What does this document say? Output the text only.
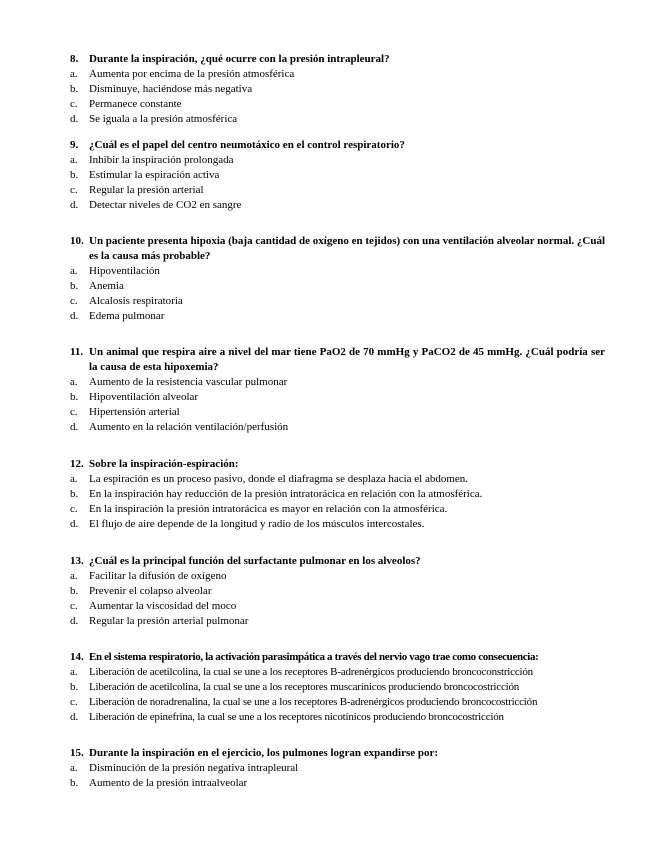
8. Durante la inspiración, ¿qué ocurre con la presión intrapleural?
a. Aumenta por encima de la presión atmosférica
b. Disminuye, haciéndose más negativa
c. Permanece constante
d. Se iguala a la presión atmosférica
9. ¿Cuál es el papel del centro neumotáxico en el control respiratorio?
a. Inhibir la inspiración prolongada
b. Estimular la espiración activa
c. Regular la presión arterial
d. Detectar niveles de CO2 en sangre
10. Un paciente presenta hipoxia (baja cantidad de oxígeno en tejidos) con una ventilación alveolar normal. ¿Cuál es la causa más probable?
a. Hipoventilación
b. Anemia
c. Alcalosis respiratoria
d. Edema pulmonar
11. Un animal que respira aire a nivel del mar tiene PaO2 de 70 mmHg y PaCO2 de 45 mmHg. ¿Cuál podría ser la causa de esta hipoxemia?
a. Aumento de la resistencia vascular pulmonar
b. Hipoventilación alveolar
c. Hipertensión arterial
d. Aumento en la relación ventilación/perfusión
12. Sobre la inspiración-espiración:
a. La espiración es un proceso pasivo, donde el diafragma se desplaza hacia el abdomen.
b. En la inspiración hay reducción de la presión intratorácica en relación con la atmosférica.
c. En la inspiración la presión intratorácica es mayor en relación con la atmosférica.
d. El flujo de aire depende de la longitud y radio de los músculos intercostales.
13. ¿Cuál es la principal función del surfactante pulmonar en los alveolos?
a. Facilitar la difusión de oxígeno
b. Prevenir el colapso alveolar
c. Aumentar la viscosidad del moco
d. Regular la presión arterial pulmonar
14. En el sistema respiratorio, la activación parasimpática a través del nervio vago trae como consecuencia:
a. Liberación de acetilcolina, la cual se une a los receptores B-adrenérgicos produciendo broncoconstricción
b. Liberación de acetilcolina, la cual se une a los receptores muscarínicos produciendo broncocostricción
c. Liberación de noradrenalina, la cual se une a los receptores B-adrenérgicos produciendo broncocostricción
d. Liberación de epinefrina, la cual se une a los receptores nicotínicos produciendo broncocostricción
15. Durante la inspiración en el ejercicio, los pulmones logran expandirse por:
a. Disminución de la presión negativa intrapleural
b. Aumento de la presión intraalveolar
